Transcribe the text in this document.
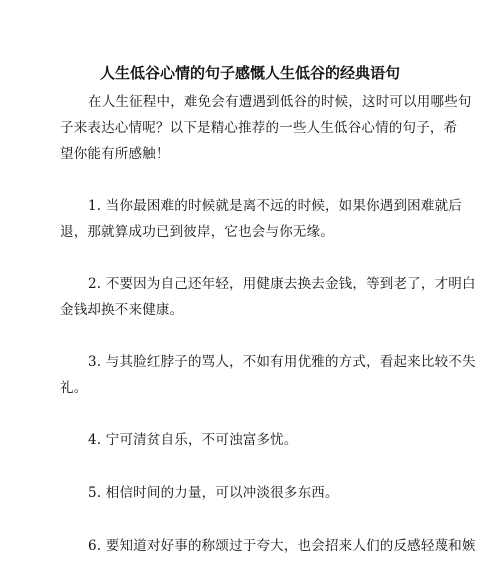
人生低谷心情的句子感慨人生低谷的经典语句
在人生征程中，难免会有遭遇到低谷的时候，这时可以用哪些句
子来表达心情呢？以下是精心推荐的一些人生低谷心情的句子，希
望你能有所感触！
1. 当你最困难的时候就是离不远的时候，如果你遇到困难就后
退，那就算成功已到彼岸，它也会与你无缘。
2. 不要因为自己还年轻，用健康去换去金钱，等到老了，才明白
金钱却换不来健康。
3. 与其脸红脖子的骂人，不如有用优雅的方式，看起来比较不失
礼。
4. 宁可清贫自乐，不可浊富多忧。
5. 相信时间的力量，可以冲淡很多东西。
6. 要知道对好事的称颂过于夸大，也会招来人们的反感轻蔑和嫉
